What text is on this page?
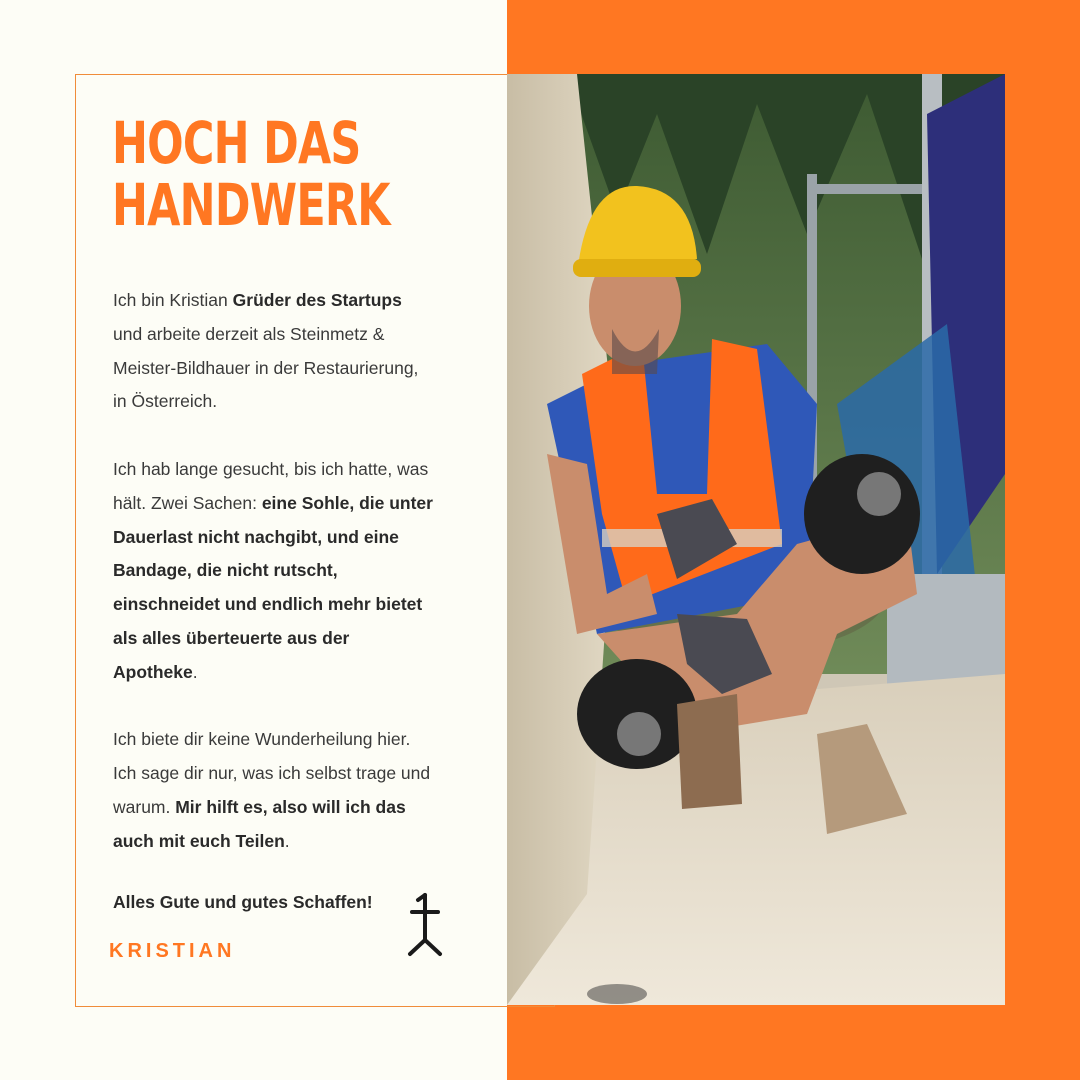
HOCH DAS
HANDWERK

Ich bin Kristian Grüder des Startups und arbeite derzeit als Steinmetz & Meister-Bildhauer in der Restaurierung, in Österreich.

Ich hab lange gesucht, bis ich hatte, was hält. Zwei Sachen: eine Sohle, die unter Dauerlast nicht nachgibt, und eine Bandage, die nicht rutscht, einschneidet und endlich mehr bietet als alles überteuerte aus der Apotheke.

Ich biete dir keine Wunderheilung hier. Ich sage dir nur, was ich selbst trage und warum. Mir hilft es, also will ich das auch mit euch Teilen.

Alles Gute und gutes Schaffen!

KRISTIAN
